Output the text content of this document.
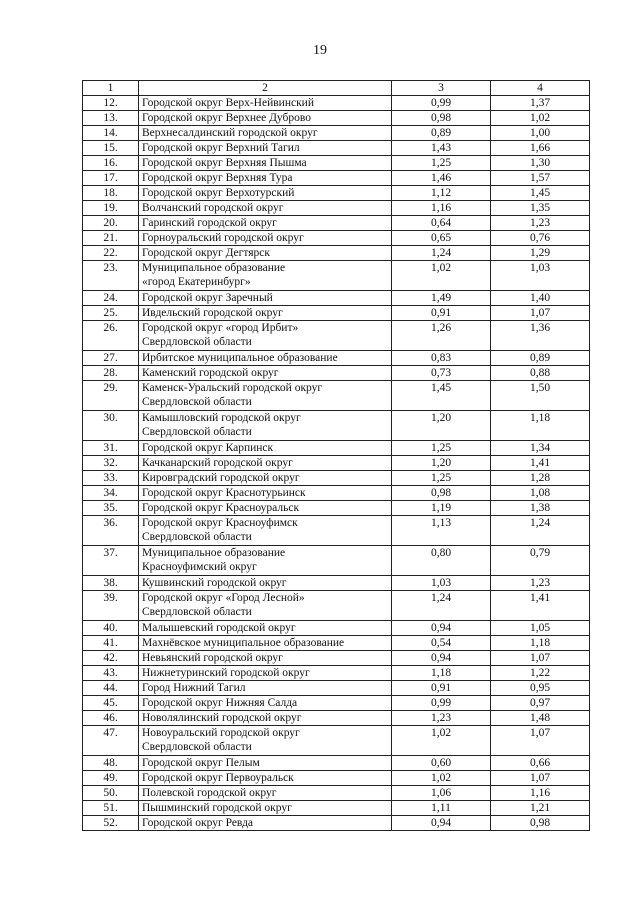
19
1	2	3	4
12.	Городской округ Верх-Нейвинский	0,99	1,37
13.	Городской округ Верхнее Дуброво	0,98	1,02
14.	Верхнесалдинский городской округ	0,89	1,00
15.	Городской округ Верхний Тагил	1,43	1,66
16.	Городской округ Верхняя Пышма	1,25	1,30
17.	Городской округ Верхняя Тура	1,46	1,57
18.	Городской округ Верхотурский	1,12	1,45
19.	Волчанский городской округ	1,16	1,35
20.	Гаринский городской округ	0,64	1,23
21.	Горноуральский городской округ	0,65	0,76
22.	Городской округ Дегтярск	1,24	1,29
23.	Муниципальное образование
«город Екатеринбург»	1,02	1,03
24.	Городской округ Заречный	1,49	1,40
25.	Ивдельский городской округ	0,91	1,07
26.	Городской округ «город Ирбит»
Свердловской области	1,26	1,36
27.	Ирбитское муниципальное образование	0,83	0,89
28.	Каменский городской округ	0,73	0,88
29.	Каменск-Уральский городской округ
Свердловской области	1,45	1,50
30.	Камышловский городской округ
Свердловской области	1,20	1,18
31.	Городской округ Карпинск	1,25	1,34
32.	Качканарский городской округ	1,20	1,41
33.	Кировградский городской округ	1,25	1,28
34.	Городской округ Краснотурьинск	0,98	1,08
35.	Городской округ Красноуральск	1,19	1,38
36.	Городской округ Красноуфимск
Свердловской области	1,13	1,24
37.	Муниципальное образование
Красноуфимский округ	0,80	0,79
38.	Кушвинский городской округ	1,03	1,23
39.	Городской округ «Город Лесной»
Свердловской области	1,24	1,41
40.	Малышевский городской округ	0,94	1,05
41.	Махнёвское муниципальное образование	0,54	1,18
42.	Невьянский городской округ	0,94	1,07
43.	Нижнетуринский городской округ	1,18	1,22
44.	Город Нижний Тагил	0,91	0,95
45.	Городской округ Нижняя Салда	0,99	0,97
46.	Новолялинский городской округ	1,23	1,48
47.	Новоуральский городской округ
Свердловской области	1,02	1,07
48.	Городской округ Пелым	0,60	0,66
49.	Городской округ Первоуральск	1,02	1,07
50.	Полевской городской округ	1,06	1,16
51.	Пышминский городской округ	1,11	1,21
52.	Городской округ Ревда	0,94	0,98
